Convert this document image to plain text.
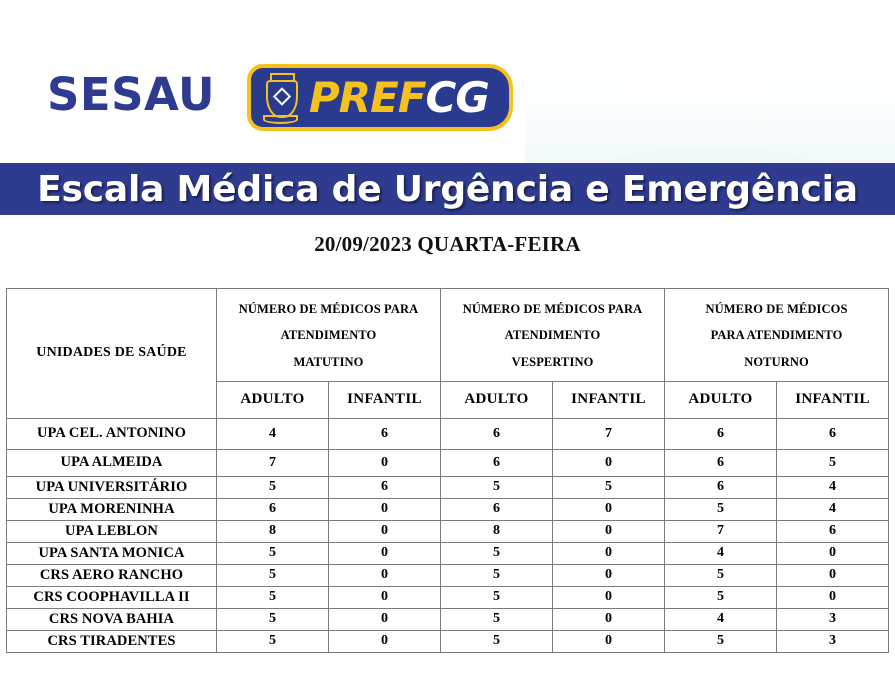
SESAU PREFCG
Escala Médica de Urgência e Emergência
20/09/2023 QUARTA-FEIRA
UNIDADES DE SAÚDE	NÚMERO DE MÉDICOS PARA
ATENDIMENTO
MATUTINO		NÚMERO DE MÉDICOS PARA
ATENDIMENTO
VESPERTINO		NÚMERO DE MÉDICOS
PARA ATENDIMENTO
NOTURNO	
	ADULTO	INFANTIL	ADULTO	INFANTIL	ADULTO	INFANTIL
UPA CEL. ANTONINO	4	6	6	7	6	6
UPA ALMEIDA	7	0	6	0	6	5
UPA UNIVERSITÁRIO	5	6	5	5	6	4
UPA MORENINHA	6	0	6	0	5	4
UPA LEBLON	8	0	8	0	7	6
UPA SANTA MONICA	5	0	5	0	4	0
CRS AERO RANCHO	5	0	5	0	5	0
CRS COOPHAVILLA II	5	0	5	0	5	0
CRS NOVA BAHIA	5	0	5	0	4	3
CRS TIRADENTES	5	0	5	0	5	3
